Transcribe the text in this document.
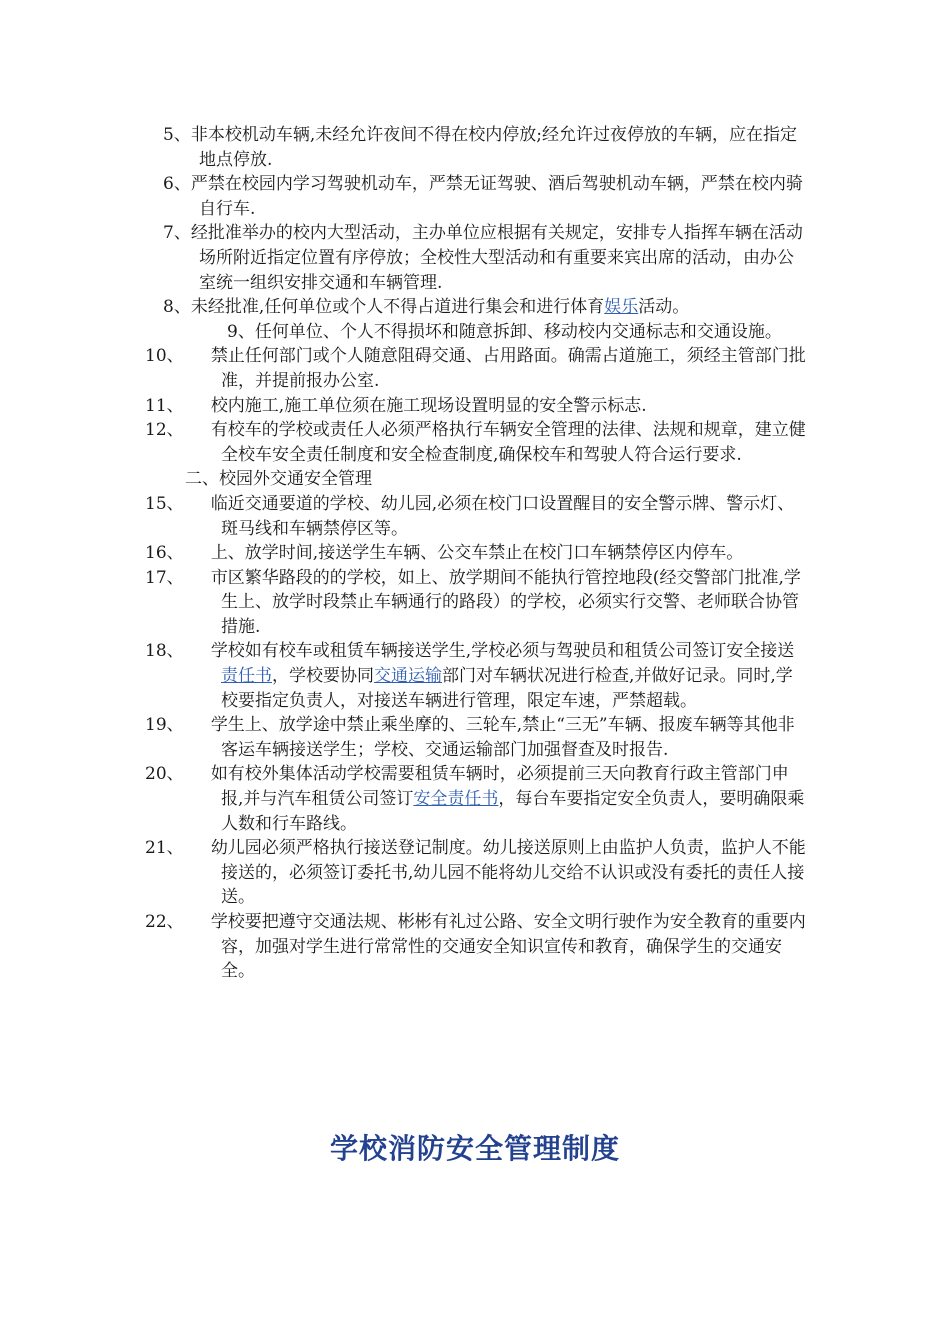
5、非本校机动车辆,未经允许夜间不得在校内停放;经允许过夜停放的车辆，应在指定地点停放.

6、严禁在校园内学习驾驶机动车，严禁无证驾驶、酒后驾驶机动车辆，严禁在校内骑自行车.

7、经批准举办的校内大型活动，主办单位应根据有关规定，安排专人指挥车辆在活动场所附近指定位置有序停放；全校性大型活动和有重要来宾出席的活动，由办公室统一组织安排交通和车辆管理.

8、未经批准,任何单位或个人不得占道进行集会和进行体育娱乐活动。

9、任何单位、个人不得损坏和随意拆卸、移动校内交通标志和交通设施。

10、 禁止任何部门或个人随意阻碍交通、占用路面。确需占道施工，须经主管部门批准，并提前报办公室.

11、 校内施工,施工单位须在施工现场设置明显的安全警示标志.

12、 有校车的学校或责任人必须严格执行车辆安全管理的法律、法规和规章，建立健全校车安全责任制度和安全检查制度,确保校车和驾驶人符合运行要求.

二、校园外交通安全管理

15、 临近交通要道的学校、幼儿园,必须在校门口设置醒目的安全警示牌、警示灯、斑马线和车辆禁停区等。

16、 上、放学时间,接送学生车辆、公交车禁止在校门口车辆禁停区内停车。

17、 市区繁华路段的的学校，如上、放学期间不能执行管控地段(经交警部门批准,学生上、放学时段禁止车辆通行的路段）的学校，必须实行交警、老师联合协管措施.

18、 学校如有校车或租赁车辆接送学生,学校必须与驾驶员和租赁公司签订安全接送责任书，学校要协同交通运输部门对车辆状况进行检查,并做好记录。同时,学校要指定负责人，对接送车辆进行管理，限定车速，严禁超载。

19、 学生上、放学途中禁止乘坐摩的、三轮车,禁止“三无”车辆、报废车辆等其他非客运车辆接送学生；学校、交通运输部门加强督查及时报告.

20、 如有校外集体活动学校需要租赁车辆时，必须提前三天向教育行政主管部门申报,并与汽车租赁公司签订安全责任书，每台车要指定安全负责人，要明确限乘人数和行车路线。

21、 幼儿园必须严格执行接送登记制度。幼儿接送原则上由监护人负责，监护人不能接送的，必须签订委托书,幼儿园不能将幼儿交给不认识或没有委托的责任人接送。

22、 学校要把遵守交通法规、彬彬有礼过公路、安全文明行驶作为安全教育的重要内容，加强对学生进行常常性的交通安全知识宣传和教育，确保学生的交通安全。

学校消防安全管理制度
